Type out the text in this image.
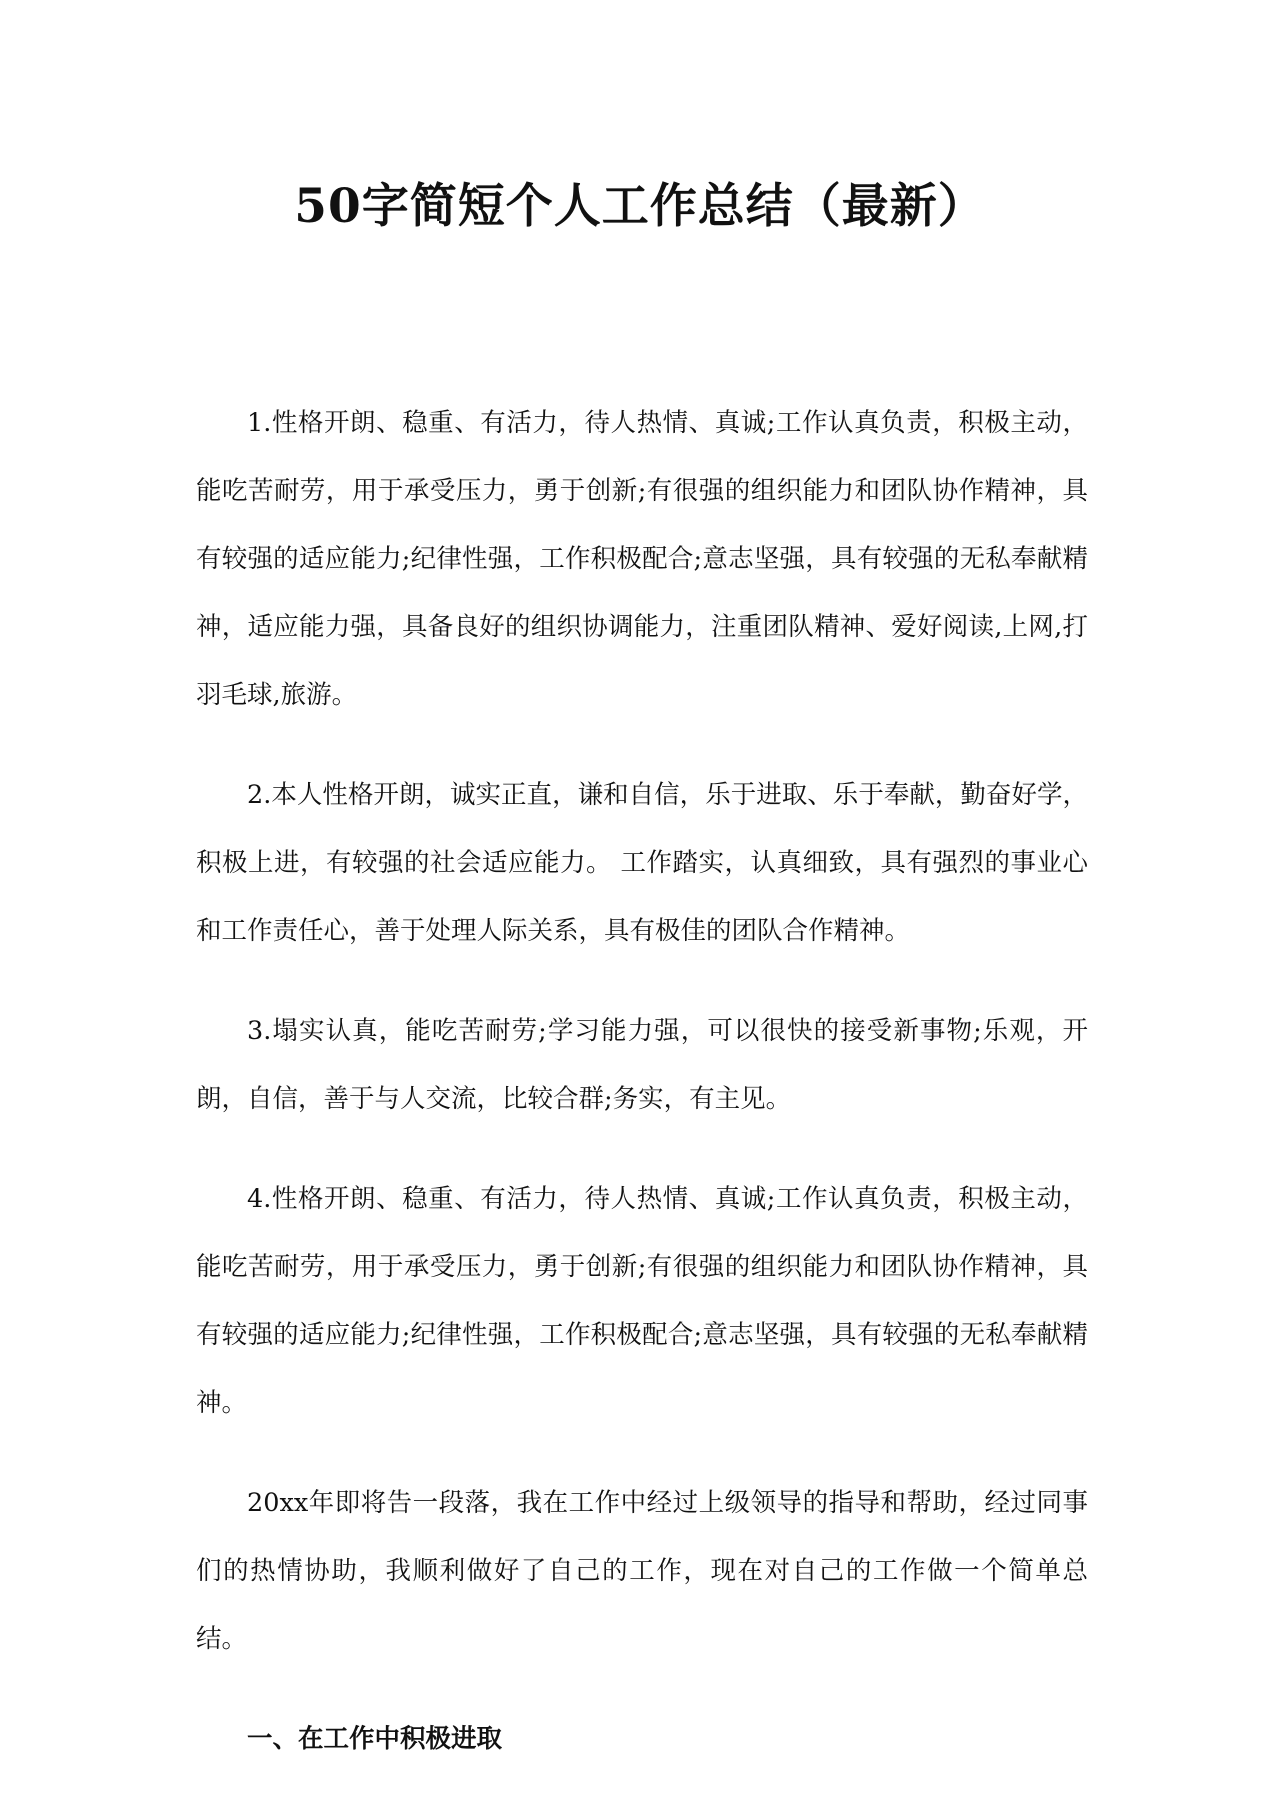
50字简短个人工作总结（最新）

1.性格开朗、稳重、有活力，待人热情、真诚;工作认真负责，积极主动，能吃苦耐劳，用于承受压力，勇于创新;有很强的组织能力和团队协作精神，具有较强的适应能力;纪律性强，工作积极配合;意志坚强，具有较强的无私奉献精神，适应能力强，具备良好的组织协调能力，注重团队精神、爱好阅读,上网,打羽毛球,旅游。

2.本人性格开朗，诚实正直，谦和自信，乐于进取、乐于奉献，勤奋好学，积极上进，有较强的社会适应能力。 工作踏实，认真细致，具有强烈的事业心和工作责任心，善于处理人际关系，具有极佳的团队合作精神。

3.塌实认真，能吃苦耐劳;学习能力强，可以很快的接受新事物;乐观，开朗，自信，善于与人交流，比较合群;务实，有主见。

4.性格开朗、稳重、有活力，待人热情、真诚;工作认真负责，积极主动，能吃苦耐劳，用于承受压力，勇于创新;有很强的组织能力和团队协作精神，具有较强的适应能力;纪律性强，工作积极配合;意志坚强，具有较强的无私奉献精神。

20xx年即将告一段落，我在工作中经过上级领导的指导和帮助，经过同事们的热情协助，我顺利做好了自己的工作，现在对自己的工作做一个简单总结。

一、在工作中积极进取
